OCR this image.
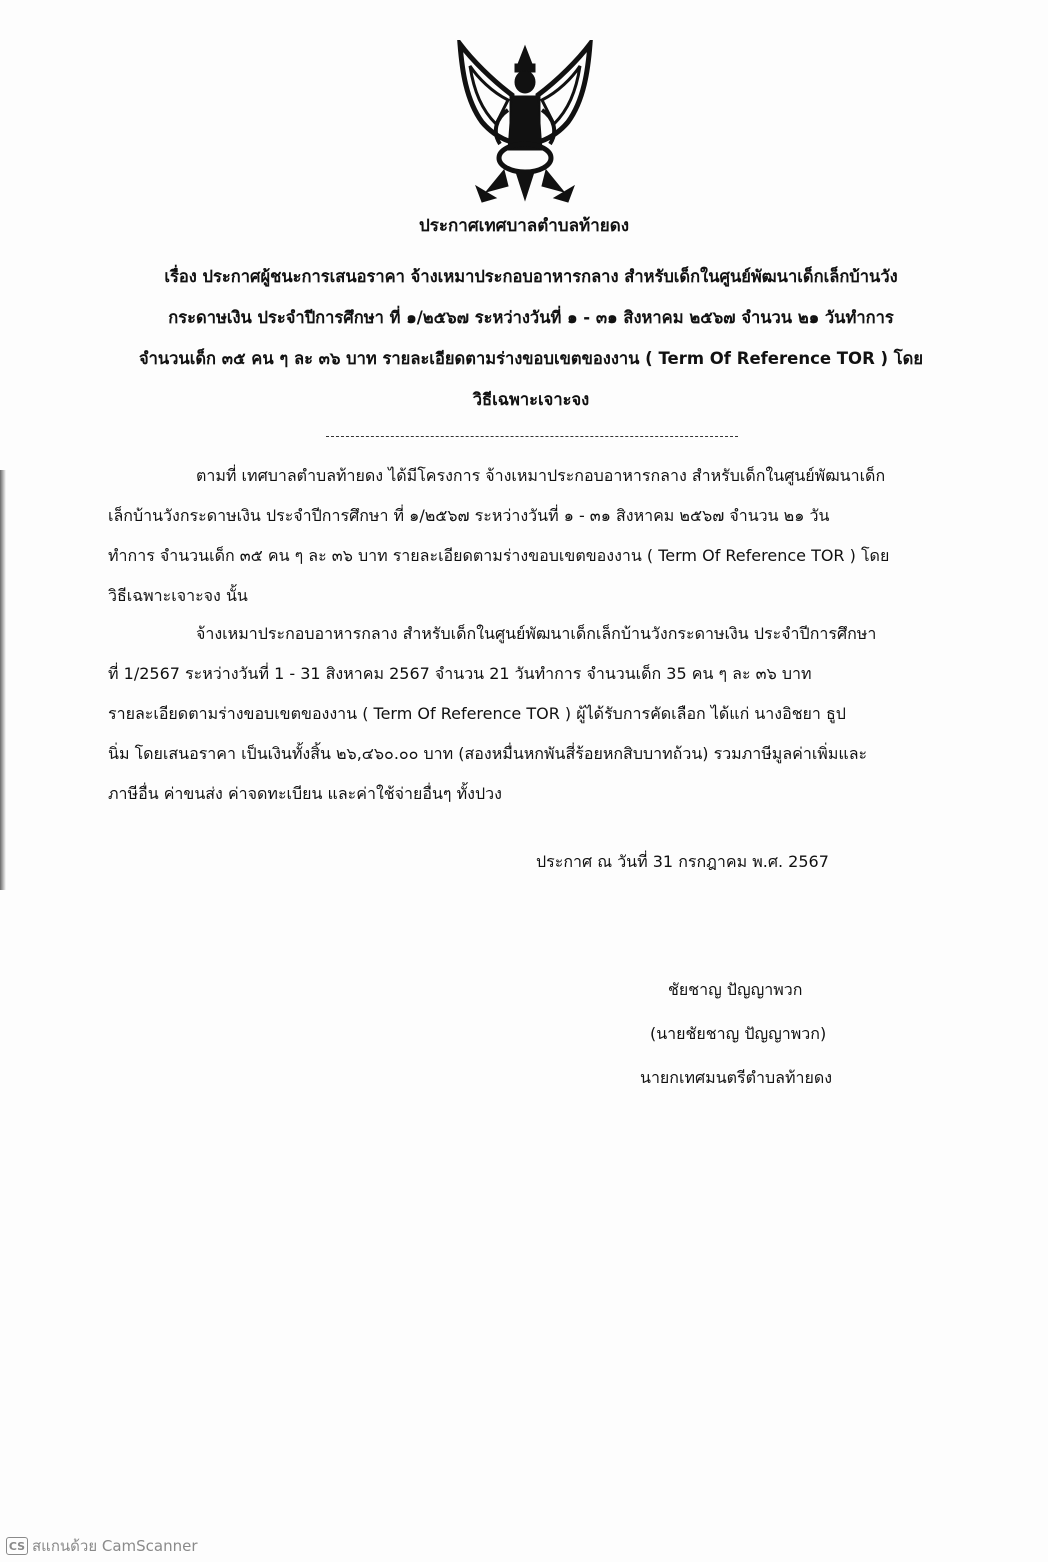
ประกาศเทศบาลตำบลท้ายดง
เรื่อง ประกาศผู้ชนะการเสนอราคา จ้างเหมาประกอบอาหารกลาง สำหรับเด็กในศูนย์พัฒนาเด็กเล็กบ้านวัง
กระดาษเงิน ประจำปีการศึกษา ที่ ๑/๒๕๖๗ ระหว่างวันที่ ๑ - ๓๑ สิงหาคม ๒๕๖๗ จำนวน ๒๑ วันทำการ
จำนวนเด็ก ๓๕ คน ๆ ละ ๓๖ บาท รายละเอียดตามร่างขอบเขตของงาน ( Term Of Reference TOR ) โดย
วิธีเฉพาะเจาะจง
ตามที่ เทศบาลตำบลท้ายดง ได้มีโครงการ จ้างเหมาประกอบอาหารกลาง สำหรับเด็กในศูนย์พัฒนาเด็ก
เล็กบ้านวังกระดาษเงิน ประจำปีการศึกษา ที่ ๑/๒๕๖๗ ระหว่างวันที่ ๑ - ๓๑ สิงหาคม ๒๕๖๗ จำนวน ๒๑ วัน
ทำการ จำนวนเด็ก ๓๕ คน ๆ ละ ๓๖ บาท รายละเอียดตามร่างขอบเขตของงาน ( Term Of Reference TOR ) โดย
วิธีเฉพาะเจาะจง นั้น
จ้างเหมาประกอบอาหารกลาง สำหรับเด็กในศูนย์พัฒนาเด็กเล็กบ้านวังกระดาษเงิน ประจำปีการศึกษา
ที่ 1/2567 ระหว่างวันที่ 1 - 31 สิงหาคม 2567 จำนวน 21 วันทำการ จำนวนเด็ก 35 คน ๆ ละ ๓๖ บาท
รายละเอียดตามร่างขอบเขตของงาน ( Term Of Reference TOR ) ผู้ได้รับการคัดเลือก ได้แก่ นางอิชยา ธูป
นิ่ม โดยเสนอราคา เป็นเงินทั้งสิ้น ๒๖,๔๖๐.๐๐ บาท (สองหมื่นหกพันสี่ร้อยหกสิบบาทถ้วน) รวมภาษีมูลค่าเพิ่มและ
ภาษีอื่น ค่าขนส่ง ค่าจดทะเบียน และค่าใช้จ่ายอื่นๆ ทั้งปวง
ประกาศ ณ วันที่ 31 กรกฎาคม พ.ศ. 2567
ชัยชาญ ปัญญาพวก
(นายชัยชาญ ปัญญาพวก)
นายกเทศมนตรีตำบลท้ายดง
CS สแกนด้วย CamScanner
